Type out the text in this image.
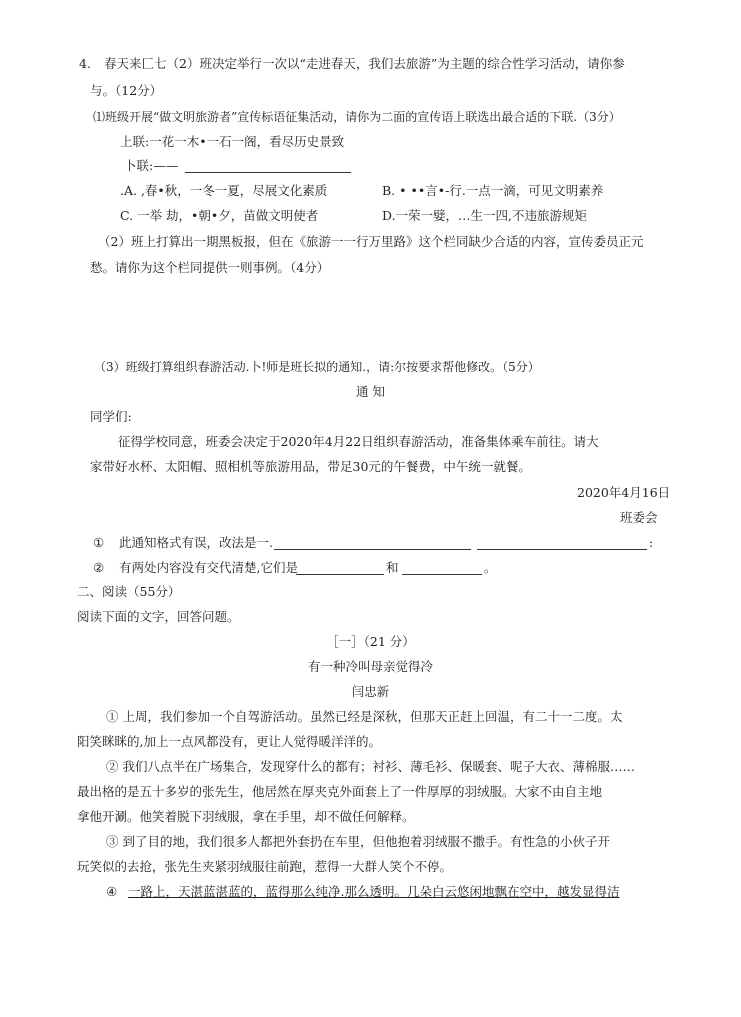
4. 春天来匚七（2）班决定举行一次以“走进春天，我们去旅游”为主题的综合性学习活动，请你参
与。（12分）
⑴班级开展“做文明旅游者”宣传标语征集活动，请你为二面的宣传语上联选出最合适的下联.（3分）
上联:一花一木•一石一阁，看尽历史景致
卜联:——
.A. ,春•秋，一冬一夏，尽展文化素质	B. • ••言•-行.一点一滴，可见文明素养
C. 一举 劫，•朝•夕，苗做文明使者	D.一荣一嬖，…生一四,不违旅游规矩
（2）班上打算出一期黑板报，但在《旅游一一行万里路》这个栏同缺少合适的内容，宣传委员正元
愁。请你为这个栏同提供一则事例。（4分）
（3）班级打算组织春游活动.卜!师是班长拟的通知.，请:尔按要求帮他修改。（5分）
通 知
同学们:
征得学校同意，班委会决定于2020年4月22日组织春游活动，准备集体乘车前往。请大
家带好水杯、太阳帽、照相机等旅游用品，带足30元的午餐费，中午统一就餐。
2020年4月16日
班委会
① 此通知格式有误，改法是一.	:
② 有两处内容没有交代清楚,它们是	和	。
二、阅读（55分）
阅读下面的文字，回答问题。
［一］（21 分）
有一种冷叫母亲觉得冷
闫忠新
① 上周，我们参加一个自驾游活动。虽然已经是深秋，但那天正赶上回温，有二十一二度。太
阳笑眯眯的,加上一点风都没有，更让人觉得暖洋洋的。
② 我们八点半在广场集合，发现穿什么的都有；衬衫、薄毛衫、保暖套、呢子大衣、薄棉服……
最出格的是五十多岁的张先生，他居然在厚夹克外面套上了一件厚厚的羽绒服。大家不由自主地
拿他开涮。他笑着脱下羽绒服，拿在手里，却不做任何解释。
③ 到了目的地，我们很多人都把外套扔在车里，但他抱着羽绒服不撒手。有性急的小伙子开
玩笑似的去抢，张先生夹紧羽绒服往前跑，惹得一大群人笑个不停。
④ 一路上，天湛蓝湛蓝的，蓝得那么纯净.那么透明。几朵白云悠闲地飘在空中，越发显得洁
